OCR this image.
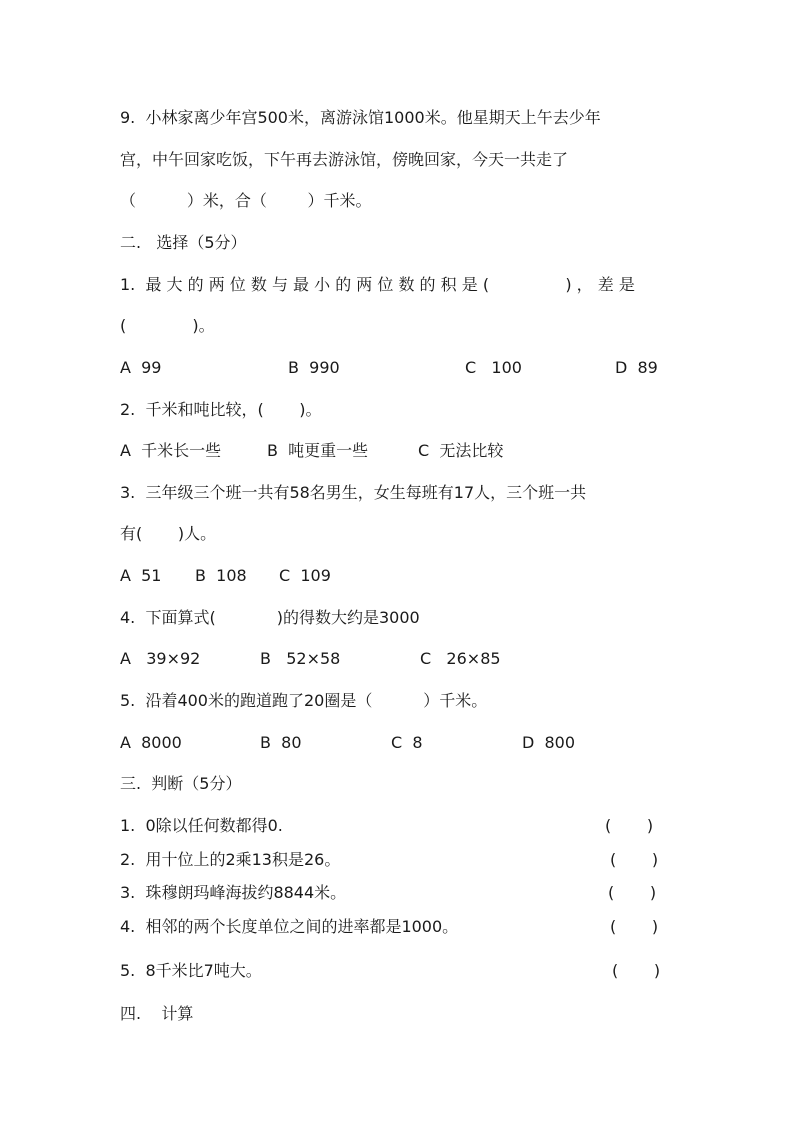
9.  小林家离少年宫500米，离游泳馆1000米。他星期天上午去少年
宫，中午回家吃饭，下午再去游泳馆，傍晚回家，今天一共走了
（          ）米，合（        ）千米。
二.   选择（5分）
1.  最 大 的 两 位 数 与 最 小 的 两 位 数 的 积 是 (               ) ， 差 是
(             )。
A  99	B  990	C   100	D  89
2.  千米和吨比较，(       )。
A  千米长一些	B  吨更重一些	C  无法比较
3.  三年级三个班一共有58名男生，女生每班有17人，三个班一共
有(       )人。
A  51 B  108 C  109
4.  下面算式(            )的得数大约是3000
A   39×92	B   52×58	C   26×85
5.  沿着400米的跑道跑了20圈是（          ）千米。
A  8000	B  80	C  8	D  800
三.  判断（5分）
1.  0除以任何数都得0.	(       )
2.  用十位上的2乘13积是26。	(       )
3.  珠穆朗玛峰海拔约8844米。	(       )
4.  相邻的两个长度单位之间的进率都是1000。	(       )
5.  8千米比7吨大。	(       )
四.    计算
